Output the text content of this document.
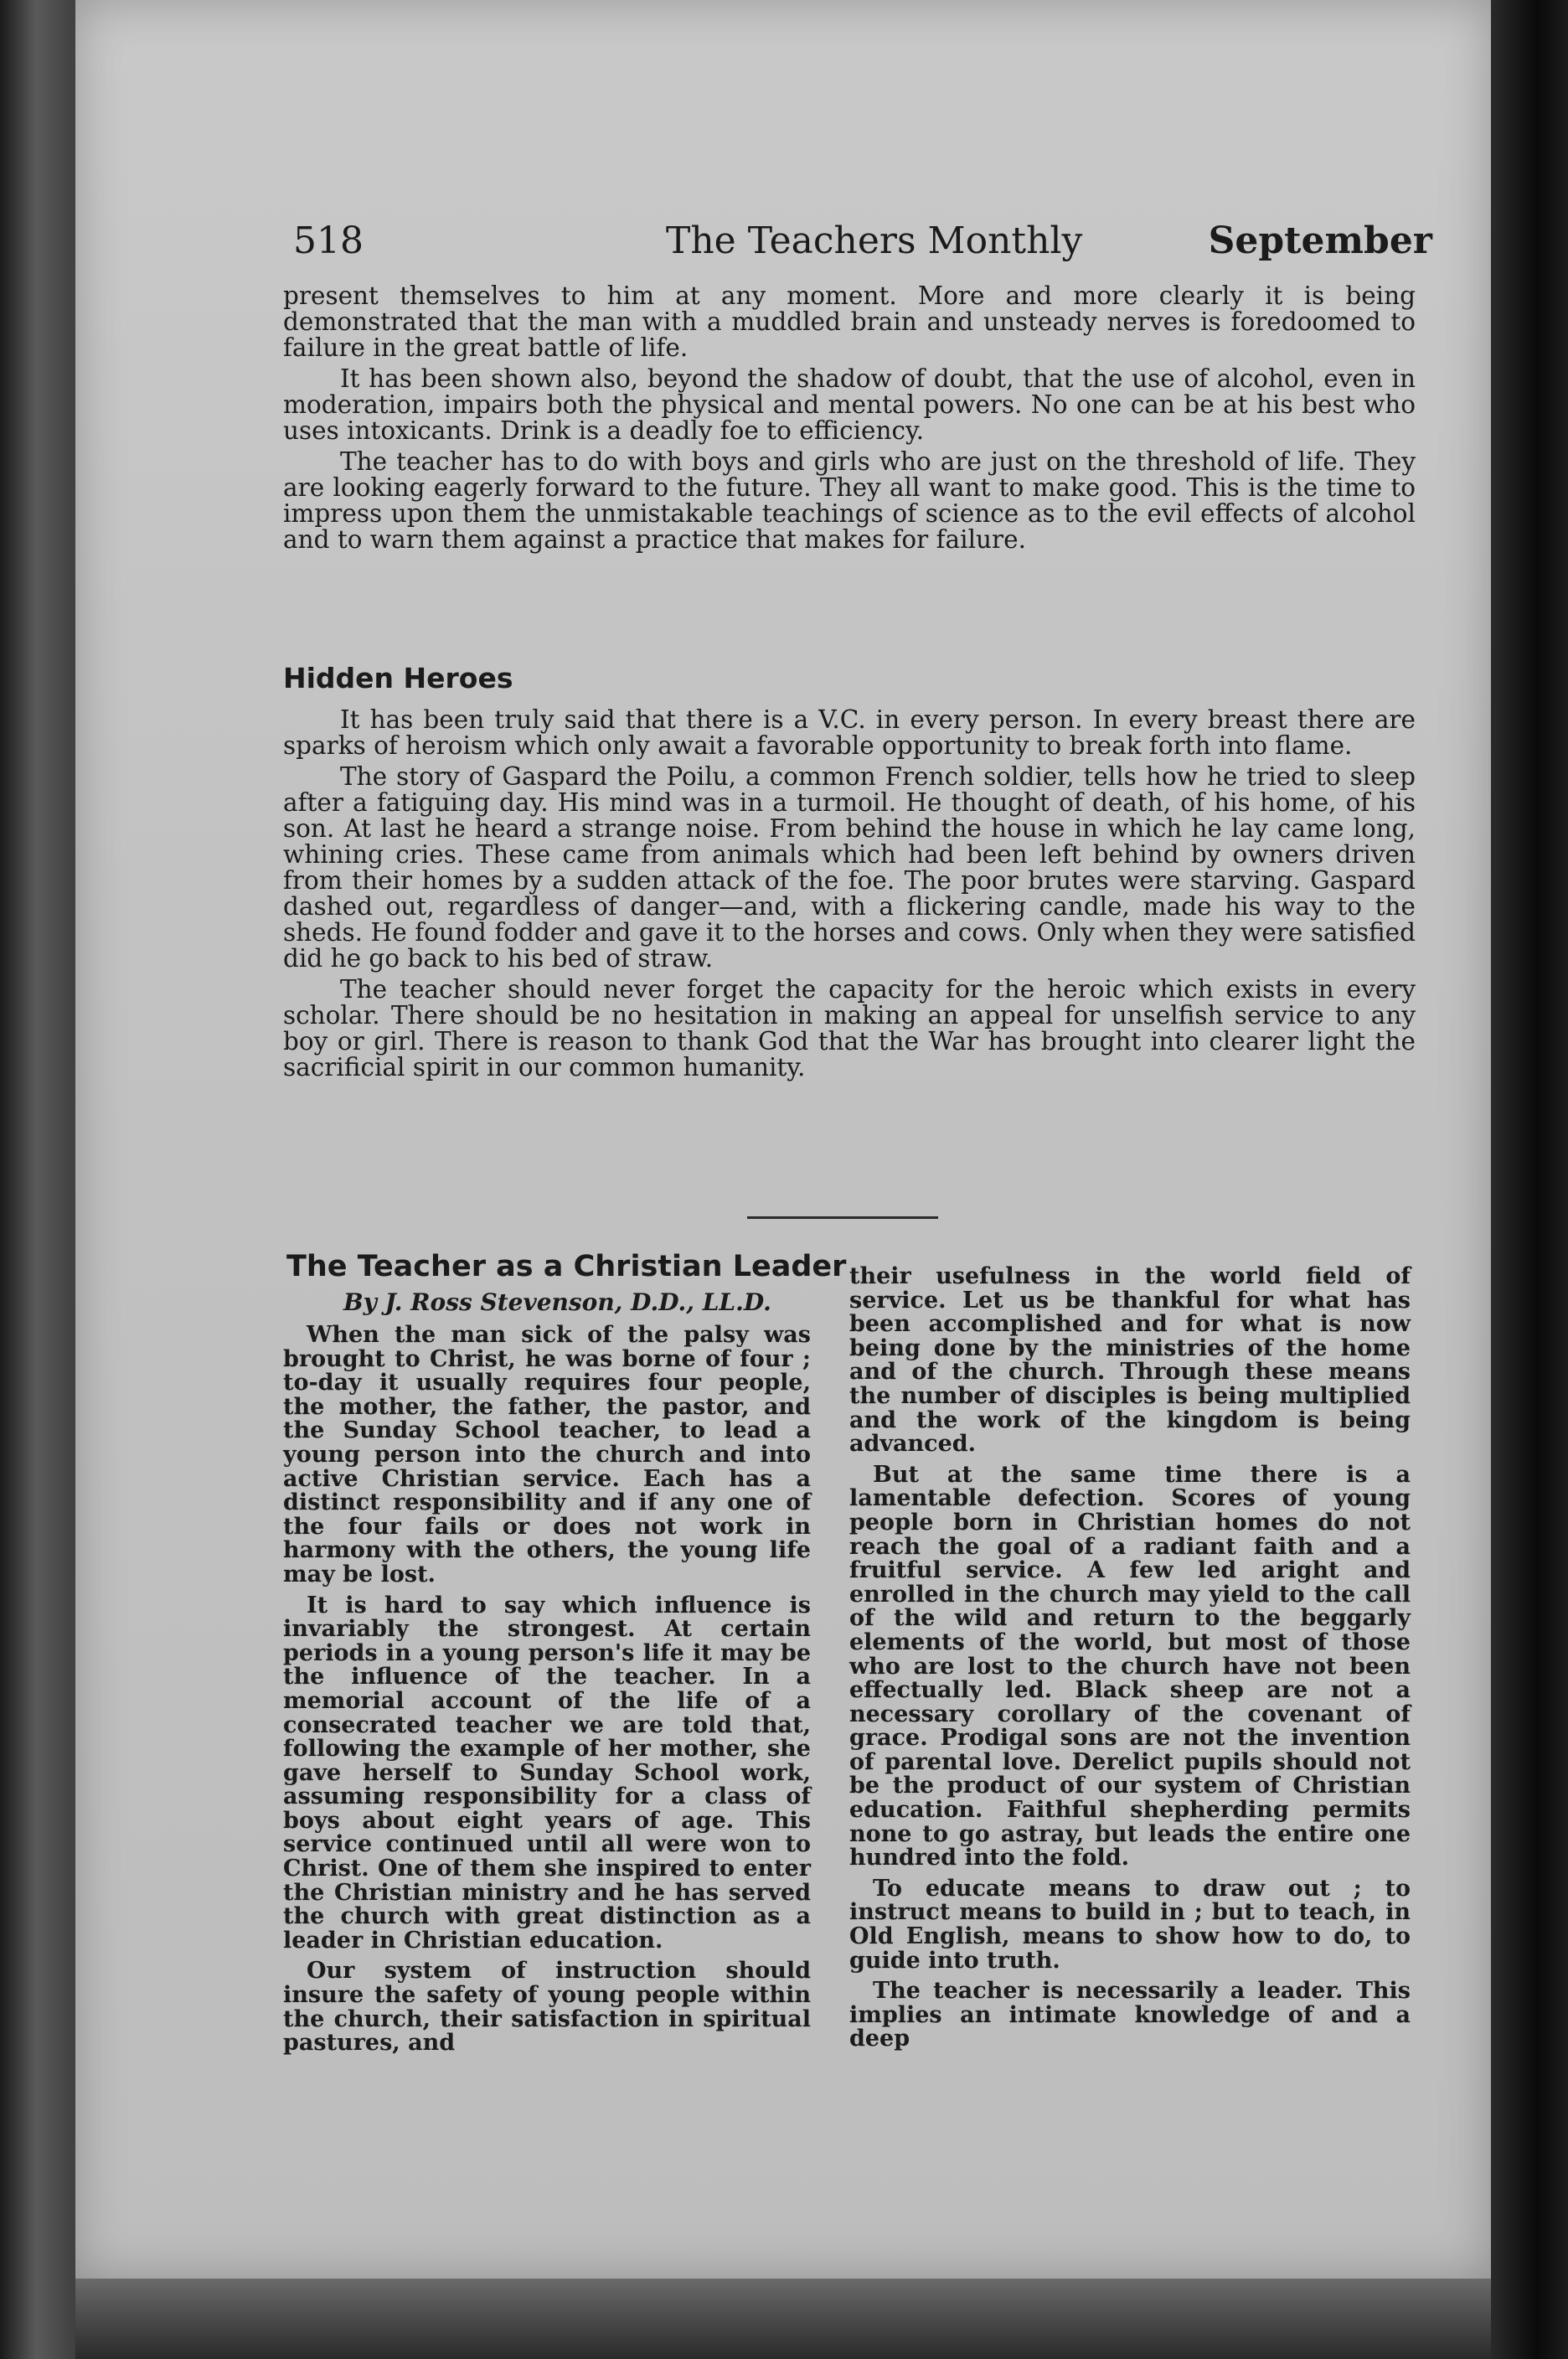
518	The Teachers Monthly	September

present themselves to him at any moment. More and more clearly it is being demonstrated that the man with a muddled brain and unsteady nerves is foredoomed to failure in the great battle of life.

It has been shown also, beyond the shadow of doubt, that the use of alcohol, even in moderation, impairs both the physical and mental powers. No one can be at his best who uses intoxicants. Drink is a deadly foe to efficiency.

The teacher has to do with boys and girls who are just on the threshold of life. They are looking eagerly forward to the future. They all want to make good. This is the time to impress upon them the unmistakable teachings of science as to the evil effects of alcohol and to warn them against a practice that makes for failure.

Hidden Heroes

It has been truly said that there is a V.C. in every person. In every breast there are sparks of heroism which only await a favorable opportunity to break forth into flame.

The story of Gaspard the Poilu, a common French soldier, tells how he tried to sleep after a fatiguing day. His mind was in a turmoil. He thought of death, of his home, of his son. At last he heard a strange noise. From behind the house in which he lay came long, whining cries. These came from animals which had been left behind by owners driven from their homes by a sudden attack of the foe. The poor brutes were starving. Gaspard dashed out, regardless of danger—and, with a flickering candle, made his way to the sheds. He found fodder and gave it to the horses and cows. Only when they were satisfied did he go back to his bed of straw.

The teacher should never forget the capacity for the heroic which exists in every scholar. There should be no hesitation in making an appeal for unselfish service to any boy or girl. There is reason to thank God that the War has brought into clearer light the sacrificial spirit in our common humanity.

The Teacher as a Christian Leader
By J. Ross Stevenson, D.D., LL.D.

When the man sick of the palsy was brought to Christ, he was borne of four ; to-day it usually requires four people, the mother, the father, the pastor, and the Sunday School teacher, to lead a young person into the church and into active Christian service. Each has a distinct responsibility and if any one of the four fails or does not work in harmony with the others, the young life may be lost.

It is hard to say which influence is invariably the strongest. At certain periods in a young person's life it may be the influence of the teacher. In a memorial account of the life of a consecrated teacher we are told that, following the example of her mother, she gave herself to Sunday School work, assuming responsibility for a class of boys about eight years of age. This service continued until all were won to Christ. One of them she inspired to enter the Christian ministry and he has served the church with great distinction as a leader in Christian education.

Our system of instruction should insure the safety of young people within the church, their satisfaction in spiritual pastures, and

their usefulness in the world field of service. Let us be thankful for what has been accomplished and for what is now being done by the ministries of the home and of the church. Through these means the number of disciples is being multiplied and the work of the kingdom is being advanced.

But at the same time there is a lamentable defection. Scores of young people born in Christian homes do not reach the goal of a radiant faith and a fruitful service. A few led aright and enrolled in the church may yield to the call of the wild and return to the beggarly elements of the world, but most of those who are lost to the church have not been effectually led. Black sheep are not a necessary corollary of the covenant of grace. Prodigal sons are not the invention of parental love. Derelict pupils should not be the product of our system of Christian education. Faithful shepherding permits none to go astray, but leads the entire one hundred into the fold.

To educate means to draw out ; to instruct means to build in ; but to teach, in Old English, means to show how to do, to guide into truth.

The teacher is necessarily a leader. This implies an intimate knowledge of and a deep
